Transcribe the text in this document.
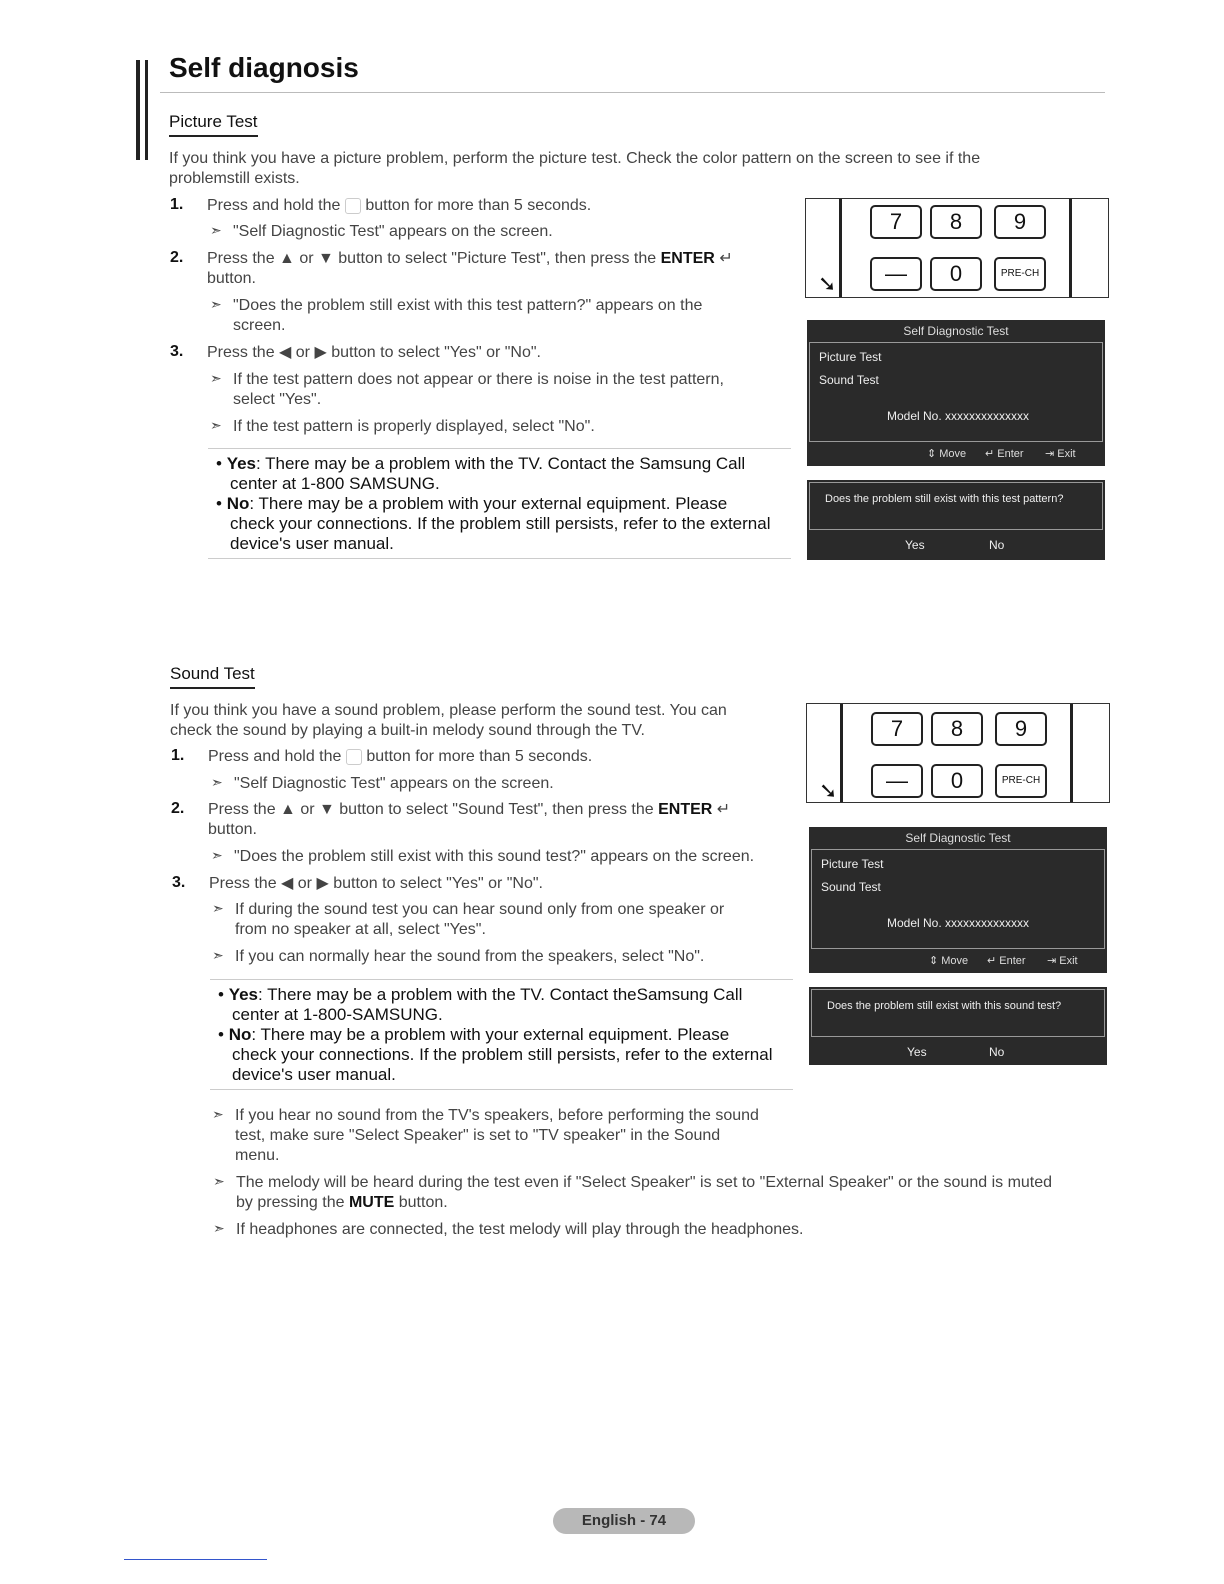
Self diagnosis
Picture Test
If you think you have a picture problem, perform the picture test. Check the color pattern on the screen to see if the
problemstill exists.
1. Press and hold the button for more than 5 seconds.
➣ "Self Diagnostic Test" appears on the screen.
2. Press the ▲ or ▼ button to select "Picture Test", then press the ENTER ↵
button.
➣ "Does the problem still exist with this test pattern?" appears on the
screen.
3. Press the ◀ or ▶ button to select "Yes" or "No".
➣ If the test pattern does not appear or there is noise in the test pattern,
select "Yes".
➣ If the test pattern is properly displayed, select "No".
• Yes: There may be a problem with the TV. Contact the Samsung Call
center at 1-800 SAMSUNG.
• No: There may be a problem with your external equipment. Please
check your connections. If the problem still persists, refer to the external
device's user manual.
7	8	9
—	0	PRE-CH
➘
Self Diagnostic Test
Picture Test
Sound Test
Model No. xxxxxxxxxxxxxx
⇕ Move ↵ Enter ⇥ Exit
Does the problem still exist with this test pattern?
Yes	No
Sound Test
If you think you have a sound problem, please perform the sound test. You can
check the sound by playing a built-in melody sound through the TV.
1. Press and hold the button for more than 5 seconds.
➣ "Self Diagnostic Test" appears on the screen.
2. Press the ▲ or ▼ button to select "Sound Test", then press the ENTER ↵
button.
➣ "Does the problem still exist with this sound test?" appears on the screen.
3. Press the ◀ or ▶ button to select "Yes" or "No".
➣ If during the sound test you can hear sound only from one speaker or
from no speaker at all, select "Yes".
➣ If you can normally hear the sound from the speakers, select "No".
• Yes: There may be a problem with the TV. Contact theSamsung Call
center at 1-800-SAMSUNG.
• No: There may be a problem with your external equipment. Please
check your connections. If the problem still persists, refer to the external
device's user manual.
➣ If you hear no sound from the TV's speakers, before performing the sound
test, make sure "Select Speaker" is set to "TV speaker" in the Sound
menu.
➣ The melody will be heard during the test even if "Select Speaker" is set to "External Speaker" or the sound is muted
by pressing the MUTE button.
➣ If headphones are connected, the test melody will play through the headphones.
7	8	9
—	0	PRE-CH
➘
Self Diagnostic Test
Picture Test
Sound Test
Model No. xxxxxxxxxxxxxx
⇕ Move ↵ Enter ⇥ Exit
Does the problem still exist with this sound test?
Yes	No
English - 74
